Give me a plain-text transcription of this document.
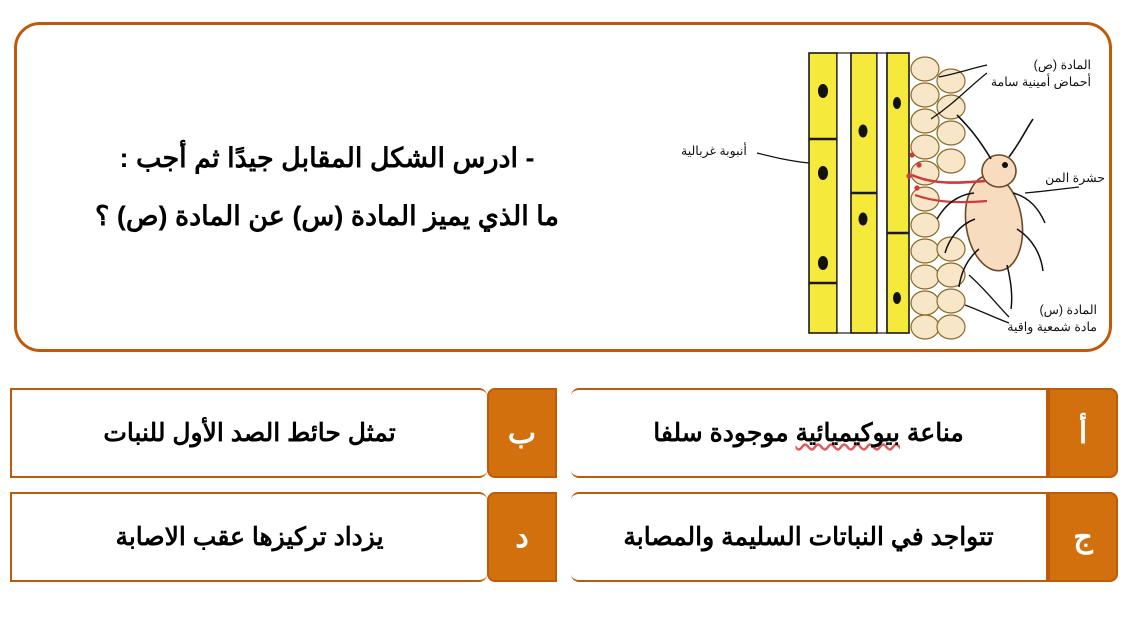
- ادرس الشكل المقابل جيدًا ثم أجب :
ما الذي يميز المادة (س) عن المادة (ص) ؟
المادة (ص)
أحماض أمينية سامة
أنبوبة غربالية
حشرة المن
المادة (س)
مادة شمعية واقية
أ
مناعة بيوكيميائية موجودة سلفا
ب
تمثل حائط الصد الأول للنبات
ج
تتواجد في النباتات السليمة والمصابة
د
يزداد تركيزها عقب الاصابة
